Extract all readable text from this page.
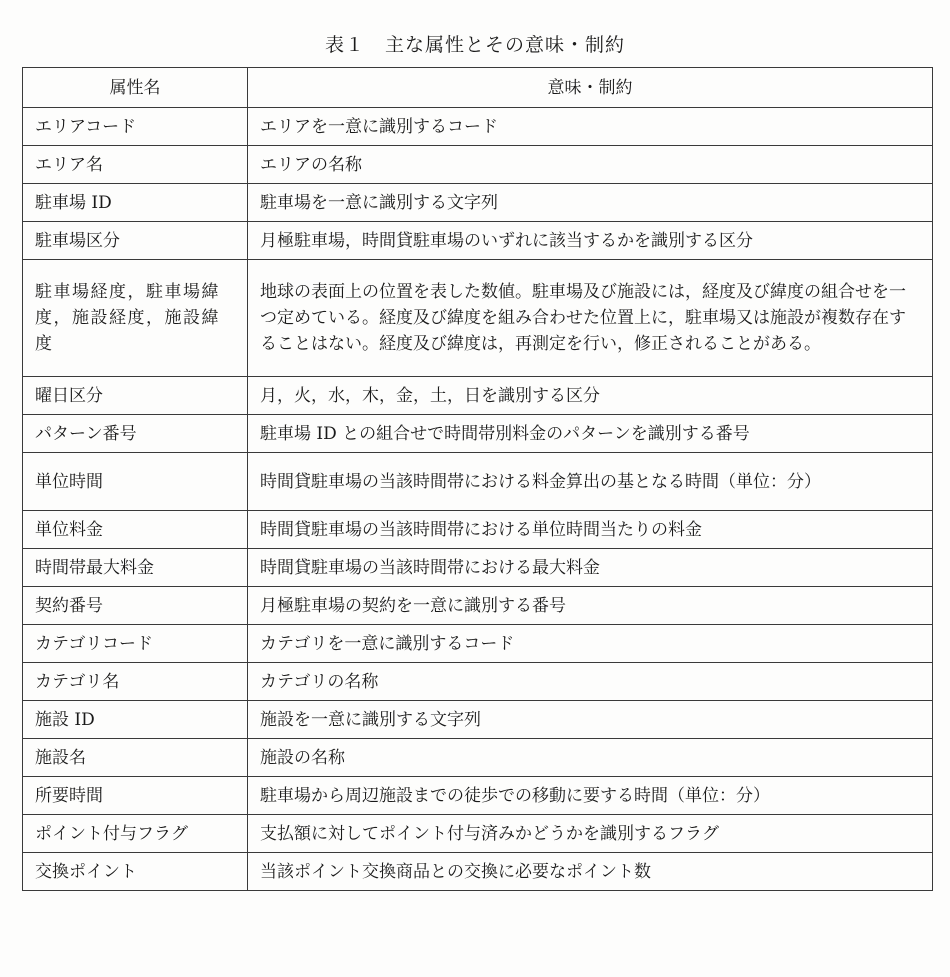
表１　主な属性とその意味・制約
属性名	意味・制約
エリアコード	エリアを一意に識別するコード
エリア名	エリアの名称
駐車場 ID	駐車場を一意に識別する文字列
駐車場区分	月極駐車場，時間貸駐車場のいずれに該当するかを識別する区分
駐車場経度，駐車場緯度，施設経度，施設緯度	地球の表面上の位置を表した数値。駐車場及び施設には，経度及び緯度の組合せを一つ定めている。経度及び緯度を組み合わせた位置上に，駐車場又は施設が複数存在することはない。経度及び緯度は，再測定を行い，修正されることがある。
曜日区分	月，火，水，木，金，土，日を識別する区分
パターン番号	駐車場 ID との組合せで時間帯別料金のパターンを識別する番号
単位時間	時間貸駐車場の当該時間帯における料金算出の基となる時間（単位：分）
単位料金	時間貸駐車場の当該時間帯における単位時間当たりの料金
時間帯最大料金	時間貸駐車場の当該時間帯における最大料金
契約番号	月極駐車場の契約を一意に識別する番号
カテゴリコード	カテゴリを一意に識別するコード
カテゴリ名	カテゴリの名称
施設 ID	施設を一意に識別する文字列
施設名	施設の名称
所要時間	駐車場から周辺施設までの徒歩での移動に要する時間（単位：分）
ポイント付与フラグ	支払額に対してポイント付与済みかどうかを識別するフラグ
交換ポイント	当該ポイント交換商品との交換に必要なポイント数
